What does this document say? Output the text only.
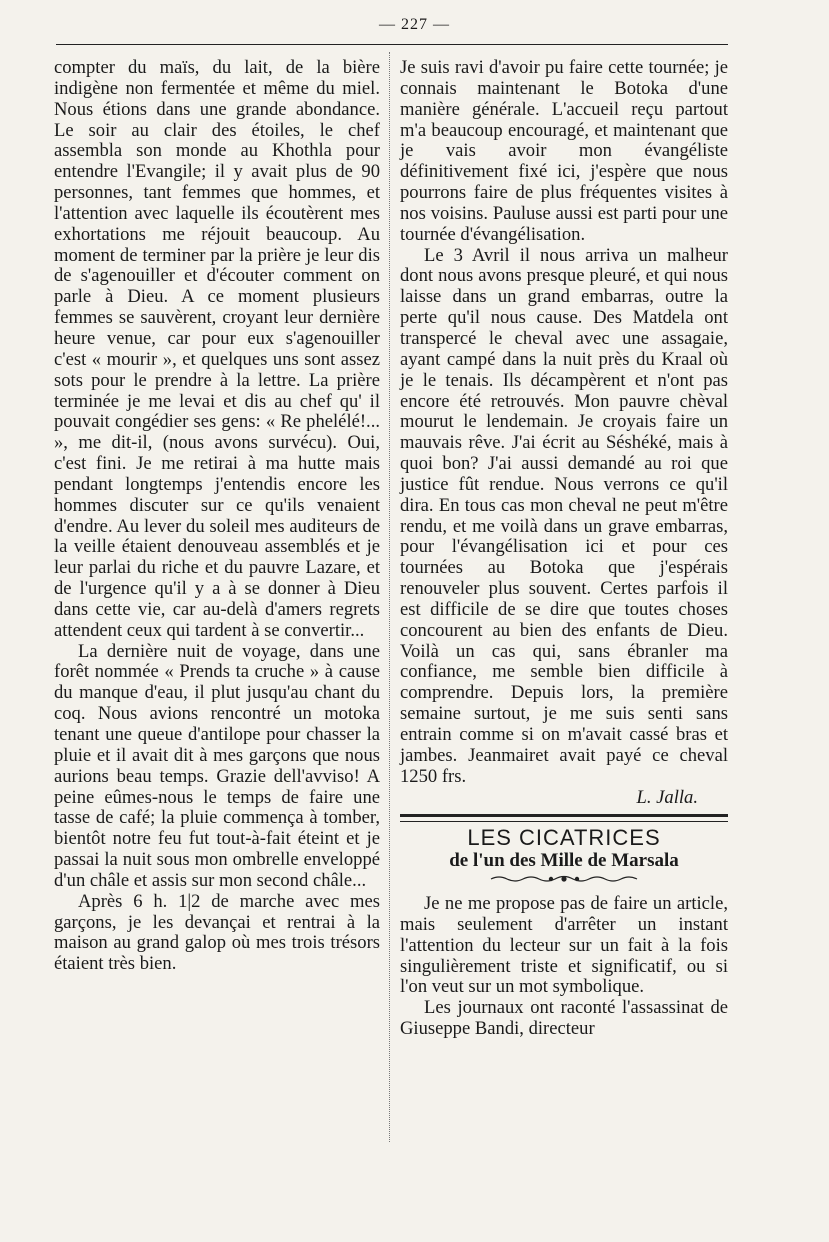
— 227 —

compter du maïs, du lait, de la bière indigène non fermentée et même du miel. Nous étions dans une grande abondance. Le soir au clair des étoiles, le chef assembla son monde au Khothla pour entendre l'Evangile; il y avait plus de 90 personnes, tant femmes que hommes, et l'attention avec laquelle ils écoutèrent mes exhortations me réjouit beaucoup. Au moment de terminer par la prière je leur dis de s'agenouiller et d'écouter comment on parle à Dieu. A ce moment plusieurs femmes se sauvèrent, croyant leur dernière heure venue, car pour eux s'agenouiller c'est « mourir », et quelques uns sont assez sots pour le prendre à la lettre. La prière terminée je me levai et dis au chef qu' il pouvait congédier ses gens: « Re phelélé!... », me dit-il, (nous avons survécu). Oui, c'est fini. Je me retirai à ma hutte mais pendant longtemps j'entendis encore les hommes discuter sur ce qu'ils venaient d'endre. Au lever du soleil mes auditeurs de la veille étaient denouveau assemblés et je leur parlai du riche et du pauvre Lazare, et de l'urgence qu'il y a à se donner à Dieu dans cette vie, car au-delà d'amers regrets attendent ceux qui tardent à se convertir...

La dernière nuit de voyage, dans une forêt nommée « Prends ta cruche » à cause du manque d'eau, il plut jusqu'au chant du coq. Nous avions rencontré un motoka tenant une queue d'antilope pour chasser la pluie et il avait dit à mes garçons que nous aurions beau temps. Grazie dell'avviso! A peine eûmes-nous le temps de faire une tasse de café; la pluie commença à tomber, bientôt notre feu fut tout-à-fait éteint et je passai la nuit sous mon ombrelle enveloppé d'un châle et assis sur mon second châle...

Après 6 h. 1|2 de marche avec mes garçons, je les devançai et rentrai à la maison au grand galop où mes trois trésors étaient très bien.

Je suis ravi d'avoir pu faire cette tournée; je connais maintenant le Botoka d'une manière générale. L'accueil reçu partout m'a beaucoup encouragé, et maintenant que je vais avoir mon évangéliste définitivement fixé ici, j'espère que nous pourrons faire de plus fréquentes visites à nos voisins. Pauluse aussi est parti pour une tournée d'évangélisation.

Le 3 Avril il nous arriva un malheur dont nous avons presque pleuré, et qui nous laisse dans un grand embarras, outre la perte qu'il nous cause. Des Matdela ont transpercé le cheval avec une assagaie, ayant campé dans la nuit près du Kraal où je le tenais. Ils décampèrent et n'ont pas encore été retrouvés. Mon pauvre chèval mourut le lendemain. Je croyais faire un mauvais rêve. J'ai écrit au Séshéké, mais à quoi bon? J'ai aussi demandé au roi que justice fût rendue. Nous verrons ce qu'il dira. En tous cas mon cheval ne peut m'être rendu, et me voilà dans un grave embarras, pour l'évangélisation ici et pour ces tournées au Botoka que j'espérais renouveler plus souvent. Certes parfois il est difficile de se dire que toutes choses concourent au bien des enfants de Dieu. Voilà un cas qui, sans ébranler ma confiance, me semble bien difficile à comprendre. Depuis lors, la première semaine surtout, je me suis senti sans entrain comme si on m'avait cassé bras et jambes. Jeanmairet avait payé ce cheval 1250 frs.

L. Jalla.

LES CICATRICES
de l'un des Mille de Marsala

Je ne me propose pas de faire un article, mais seulement d'arrêter un instant l'attention du lecteur sur un fait à la fois singulièrement triste et significatif, ou si l'on veut sur un mot symbolique.

Les journaux ont raconté l'assassinat de Giuseppe Bandi, directeur
